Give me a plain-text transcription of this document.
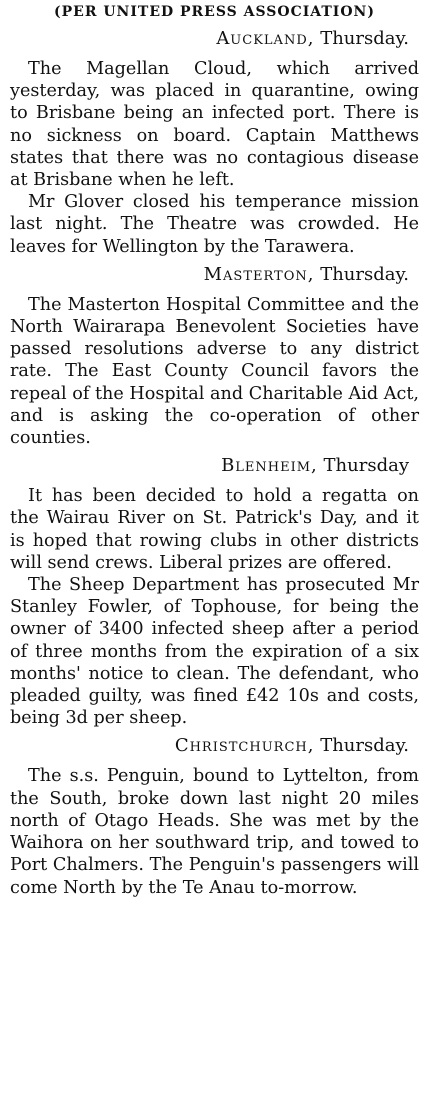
(PER UNITED PRESS ASSOCIATION)
Auckland, Thursday.

The Magellan Cloud, which arrived yesterday, was placed in quarantine, owing to Brisbane being an infected port. There is no sickness on board. Captain Matthews states that there was no contagious disease at Brisbane when he left.

Mr Glover closed his temperance mission last night. The Theatre was crowded. He leaves for Wellington by the Tarawera.

Masterton, Thursday.

The Masterton Hospital Committee and the North Wairarapa Benevolent Societies have passed resolutions adverse to any district rate. The East County Council favors the repeal of the Hospital and Charitable Aid Act, and is asking the co-operation of other counties.

Blenheim, Thursday

It has been decided to hold a regatta on the Wairau River on St. Patrick's Day, and it is hoped that rowing clubs in other districts will send crews. Liberal prizes are offered.

The Sheep Department has prosecuted Mr Stanley Fowler, of Tophouse, for being the owner of 3400 infected sheep after a period of three months from the expiration of a six months' notice to clean. The defendant, who pleaded guilty, was fined £42 10s and costs, being 3d per sheep.

Christchurch, Thursday.

The s.s. Penguin, bound to Lyttelton, from the South, broke down last night 20 miles north of Otago Heads. She was met by the Waihora on her southward trip, and towed to Port Chalmers. The Penguin's passengers will come North by the Te Anau to-morrow.
